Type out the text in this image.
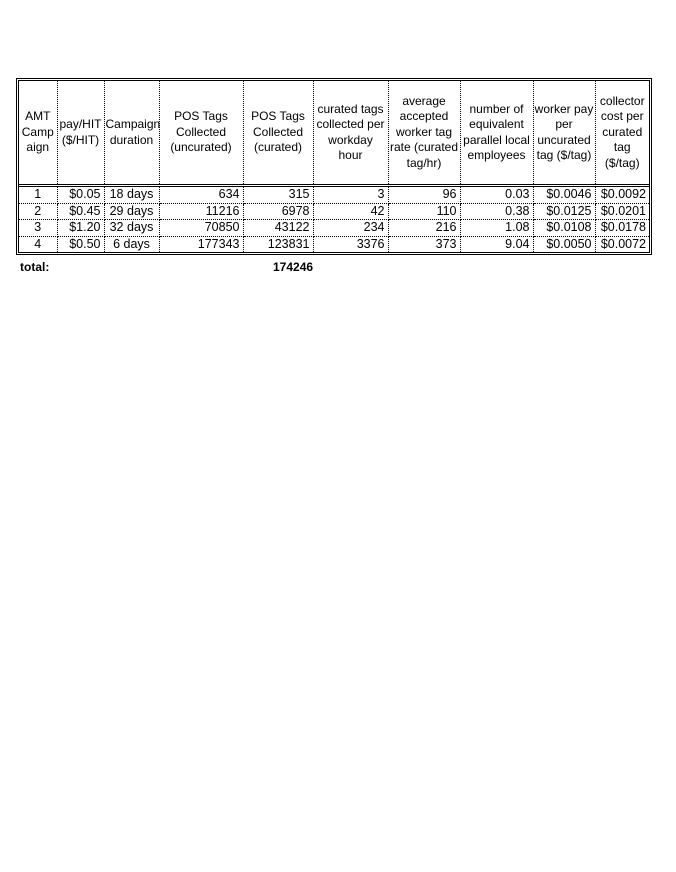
AMT Camp aign	pay/HIT ($/HIT)	Campaign duration	POS Tags Collected (uncurated)	POS Tags Collected (curated)	curated tags collected per workday hour	average accepted worker tag rate (curated tag/hr)	number of equivalent parallel local employees	worker pay per uncurated tag ($/tag)	collector cost per curated tag ($/tag)
1	$0.05	18 days	634	315	3	96	0.03	$0.0046	$0.0092
2	$0.45	29 days	11216	6978	42	110	0.38	$0.0125	$0.0201
3	$1.20	32 days	70850	43122	234	216	1.08	$0.0108	$0.0178
4	$0.50	6 days	177343	123831	3376	373	9.04	$0.0050	$0.0072
total:	174246
